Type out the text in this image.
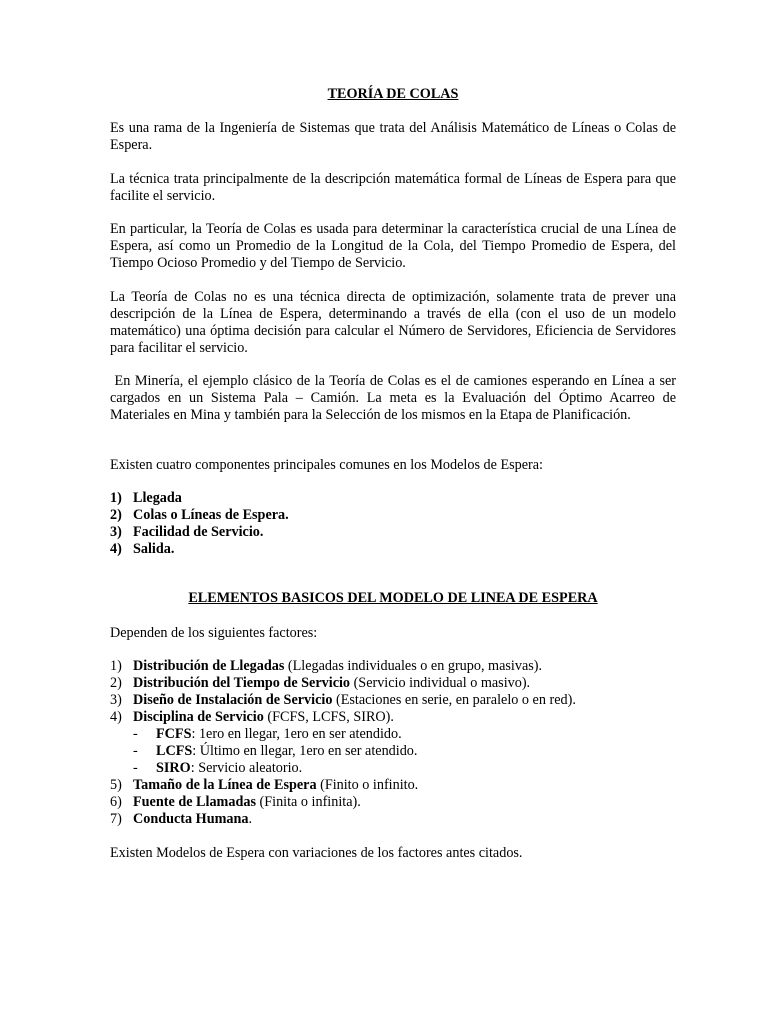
TEORÍA DE COLAS

Es una rama de la Ingeniería de Sistemas que trata del Análisis Matemático de Líneas o Colas de Espera.

La técnica trata principalmente de la descripción matemática formal de Líneas de Espera para que facilite el servicio.

En particular, la Teoría de Colas es usada para determinar la característica crucial de una Línea de Espera, así como un Promedio de la Longitud de la Cola, del Tiempo Promedio de Espera, del Tiempo Ocioso Promedio y del Tiempo de Servicio.

La Teoría de Colas no es una técnica directa de optimización, solamente trata de prever una descripción de la Línea de Espera, determinando a través de ella (con el uso de un modelo matemático) una óptima decisión para calcular el Número de Servidores, Eficiencia de Servidores para facilitar el servicio.

En Minería, el ejemplo clásico de la Teoría de Colas es el de camiones esperando en Línea a ser cargados en un Sistema Pala – Camión. La meta es la Evaluación del Óptimo Acarreo de Materiales en Mina y también para la Selección de los mismos en la Etapa de Planificación.

Existen cuatro componentes principales comunes en los Modelos de Espera:

1) Llegada
2) Colas o Líneas de Espera.
3) Facilidad de Servicio.
4) Salida.

ELEMENTOS BASICOS DEL MODELO DE LINEA DE ESPERA

Dependen de los siguientes factores:

1) Distribución de Llegadas (Llegadas individuales o en grupo, masivas).
2) Distribución del Tiempo de Servicio (Servicio individual o masivo).
3) Diseño de Instalación de Servicio (Estaciones en serie, en paralelo o en red).
4) Disciplina de Servicio (FCFS, LCFS, SIRO).
- FCFS: 1ero en llegar, 1ero en ser atendido.
- LCFS: Último en llegar, 1ero en ser atendido.
- SIRO: Servicio aleatorio.
5) Tamaño de la Línea de Espera (Finito o infinito.
6) Fuente de Llamadas (Finita o infinita).
7) Conducta Humana.

Existen Modelos de Espera con variaciones de los factores antes citados.
